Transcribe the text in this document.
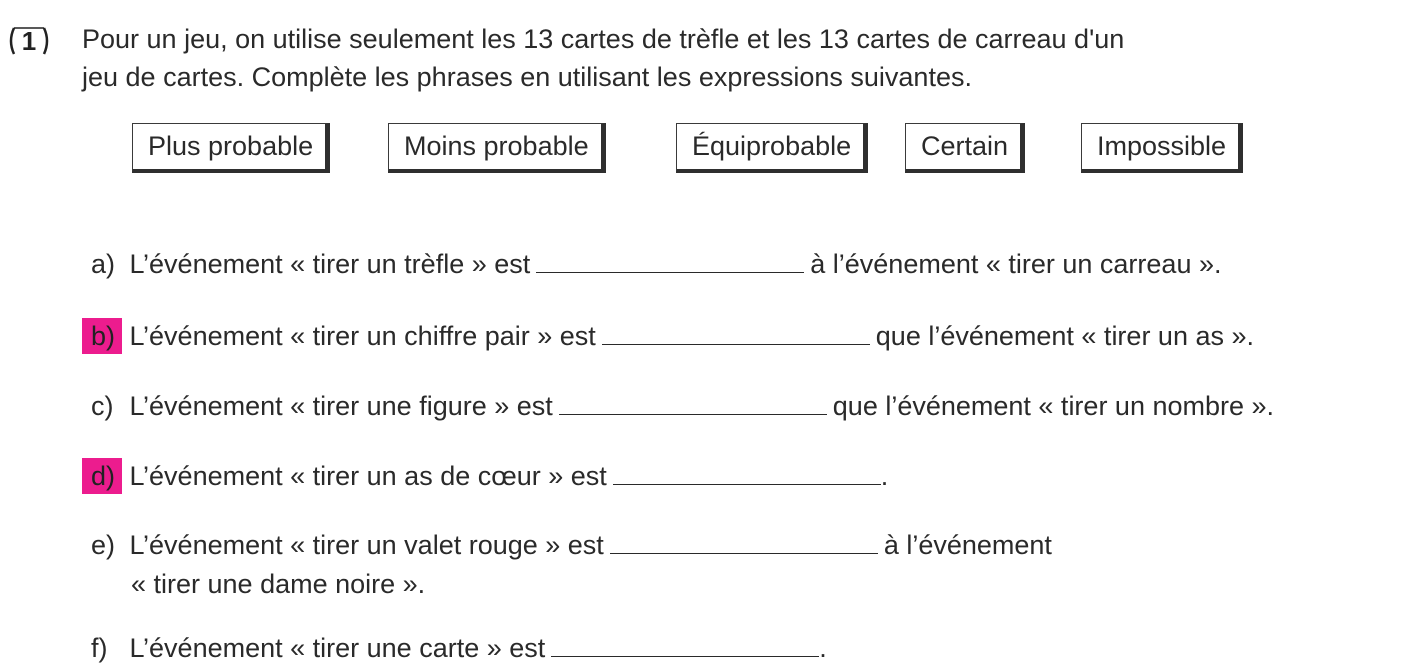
1	Pour un jeu, on utilise seulement les 13 cartes de trèfle et les 13 cartes de carreau d'un

jeu de cartes. Complète les phrases en utilisant les expressions suivantes.

Plus probable	Moins probable	Équiprobable	Certain	Impossible
a) L’événement « tirer un trèfle » est	à l’événement « tirer un carreau ».
b) L’événement « tirer un chiffre pair » est	que l’événement « tirer un as ».
c) L’événement « tirer une figure » est	que l’événement « tirer un nombre ».
d) L’événement « tirer un as de cœur » est	.
e) L’événement « tirer un valet rouge » est	à l’événement
« tirer une dame noire ».
f) L’événement « tirer une carte » est	.
